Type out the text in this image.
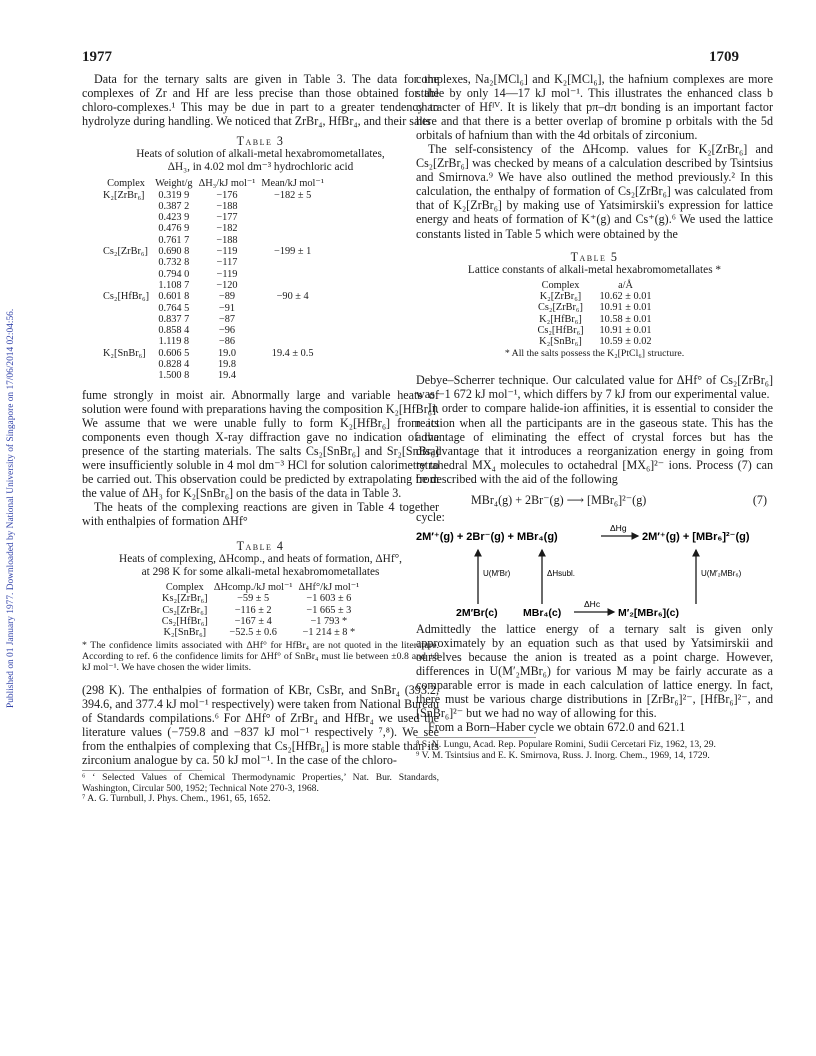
Published on 01 January 1977. Downloaded by National University of Singapore on 17/06/2014 02:04:56.
1977	1709

Data for the ternary salts are given in Table 3. The data for the complexes of Zr and Hf are less precise than those obtained for the chloro-complexes.¹ This may be due in part to a greater tendency to hydrolyze during handling. We noticed that ZrBr₄, HfBr₄, and their salts

Table 3
Heats of solution of alkali-metal hexabromometallates,
ΔH₃, in 4.02 mol dm⁻³ hydrochloric acid
Complex	Weight/g	ΔH₃/kJ mol⁻¹	Mean/kJ mol⁻¹
K₂[ZrBr₆]	0.319 9	−176	−182 ± 5
	0.387 2	−188	
	0.423 9	−177	
	0.476 9	−182	
	0.761 7	−188	
Cs₂[ZrBr₆]	0.690 8	−119	−199 ± 1
	0.732 8	−117	
	0.794 0	−119	
	1.108 7	−120	
Cs₂[HfBr₆]	0.601 8	−89	−90 ± 4
	0.764 5	−91	
	0.837 7	−87	
	0.858 4	−96	
	1.119 8	−86	
K₂[SnBr₆]	0.606 5	19.0	19.4 ± 0.5
	0.828 4	19.8	
	1.500 8	19.4	

fume strongly in moist air. Abnormally large and variable heats of solution were found with preparations having the composition K₂[HfBr₆]. We assume that we were unable fully to form K₂[HfBr₆] from its components even though X-ray diffraction gave no indication of the presence of the starting materials. The salts Cs₂[SnBr₆] and Sr₂[SnBr₆] were insufficiently soluble in 4 mol dm⁻³ HCl for solution calorimetry to be carried out. This observation could be predicted by extrapolating from the value of ΔH₃ for K₂[SnBr₆] on the basis of the data in Table 3.

The heats of the complexing reactions are given in Table 4 together with enthalpies of formation ΔHf°

Table 4
Heats of complexing, ΔHcomp., and heats of formation, ΔHf°,
at 298 K for some alkali-metal hexabromometallates
Complex	ΔHcomp./kJ mol⁻¹	ΔHf°/kJ mol⁻¹
Ks₂[ZrBr₆]	−59 ± 5	−1 603 ± 6
Cs₂[ZrBr₆]	−116 ± 2	−1 665 ± 3
Cs₂[HfBr₆]	−167 ± 4	−1 793 *
K₂[SnBr₆]	−52.5 ± 0.6	−1 214 ± 8 *
* The confidence limits associated with ΔHf° for HfBr₄ are not quoted in the literature. According to ref. 6 the confidence limits for ΔHf° of SnBr₄ must lie between ±0.8 and ±8 kJ mol⁻¹. We have chosen the wider limits.

(298 K). The enthalpies of formation of KBr, CsBr, and SnBr₄ (393.2, 394.6, and 377.4 kJ mol⁻¹ respectively) were taken from National Bureau of Standards compilations.⁶ For ΔHf° of ZrBr₄ and HfBr₄ we used the literature values (−759.8 and −837 kJ mol⁻¹ respectively ⁷,⁸). We see from the enthalpies of complexing that Cs₂[HfBr₆] is more stable than its zirconium analogue by ca. 50 kJ mol⁻¹. In the case of the chloro-

⁶ ‘ Selected Values of Chemical Thermodynamic Properties,’ Nat. Bur. Standards, Washington, Circular 500, 1952; Technical Note 270-3, 1968.

⁷ A. G. Turnbull, J. Phys. Chem., 1961, 65, 1652.

complexes, Na₂[MCl₆] and K₂[MCl₆], the hafnium complexes are more stable by only 14—17 kJ mol⁻¹. This illustrates the enhanced class b character of Hfᴵⱽ. It is likely that pπ–dπ bonding is an important factor here and that there is a better overlap of bromine p orbitals with the 5d orbitals of hafnium than with the 4d orbitals of zirconium.

The self-consistency of the ΔHcomp. values for K₂[ZrBr₆] and Cs₂[ZrBr₆] was checked by means of a calculation described by Tsintsius and Smirnova.⁹ We have also outlined the method previously.² In this calculation, the enthalpy of formation of Cs₂[ZrBr₆] was calculated from that of K₂[ZrBr₆] by making use of Yatsimirskii's expression for lattice energy and heats of formation of K⁺(g) and Cs⁺(g).⁶ We used the lattice constants listed in Table 5 which were obtained by the

Table 5
Lattice constants of alkali-metal hexabromometallates *
Complex	a/Å
K₂[ZrBr₆]	10.62 ± 0.01
Cs₂[ZrBr₆]	10.91 ± 0.01
K₂[HfBr₆]	10.58 ± 0.01
Cs₂[HfBr₆]	10.91 ± 0.01
K₂[SnBr₆]	10.59 ± 0.02
* All the salts possess the K₂[PtCl₆] structure.

Debye–Scherrer technique. Our calculated value for ΔHf° of Cs₂[ZrBr₆] was −1 672 kJ mol⁻¹, which differs by 7 kJ from our experimental value.

In order to compare halide-ion affinities, it is essential to consider the reaction when all the participants are in the gaseous state. This has the advantage of eliminating the effect of crystal forces but has the disadvantage that it introduces a reorganization energy in going from tetrahedral MX₄ molecules to octahedral [MX₆]²⁻ ions. Process (7) can be described with the aid of the following

MBr₄(g) + 2Br⁻(g) ⟶ [MBr₆]²⁻(g)	(7)
cycle:
2M′⁺(g) + 2Br⁻(g) + MBr₄(g)
ΔHg
2M′⁺(g) + [MBr₆]²⁻(g)
U(M′Br)	ΔHsubl.	U(M′₂MBr₆)
2M′Br(c) MBr₄(c)
ΔHc
M′₂[MBr₆](c)

Admittedly the lattice energy of a ternary salt is given only approximately by an equation such as that used by Yatsimirskii and ourselves because the anion is treated as a point charge. However, differences in U(M′₂MBr₆) for various M may be fairly accurate as a comparable error is made in each calculation of lattice energy. In fact, there must be various charge distributions in [ZrBr₆]²⁻, [HfBr₆]²⁻, and [SnBr₆]²⁻ but we had no way of allowing for this.

From a Born–Haber cycle we obtain 672.0 and 621.1

⁸ S. N. Lungu, Acad. Rep. Populare Romini, Sudii Cercetari Fiz, 1962, 13, 29.

⁹ V. M. Tsintsius and E. K. Smirnova, Russ. J. Inorg. Chem., 1969, 14, 1729.
